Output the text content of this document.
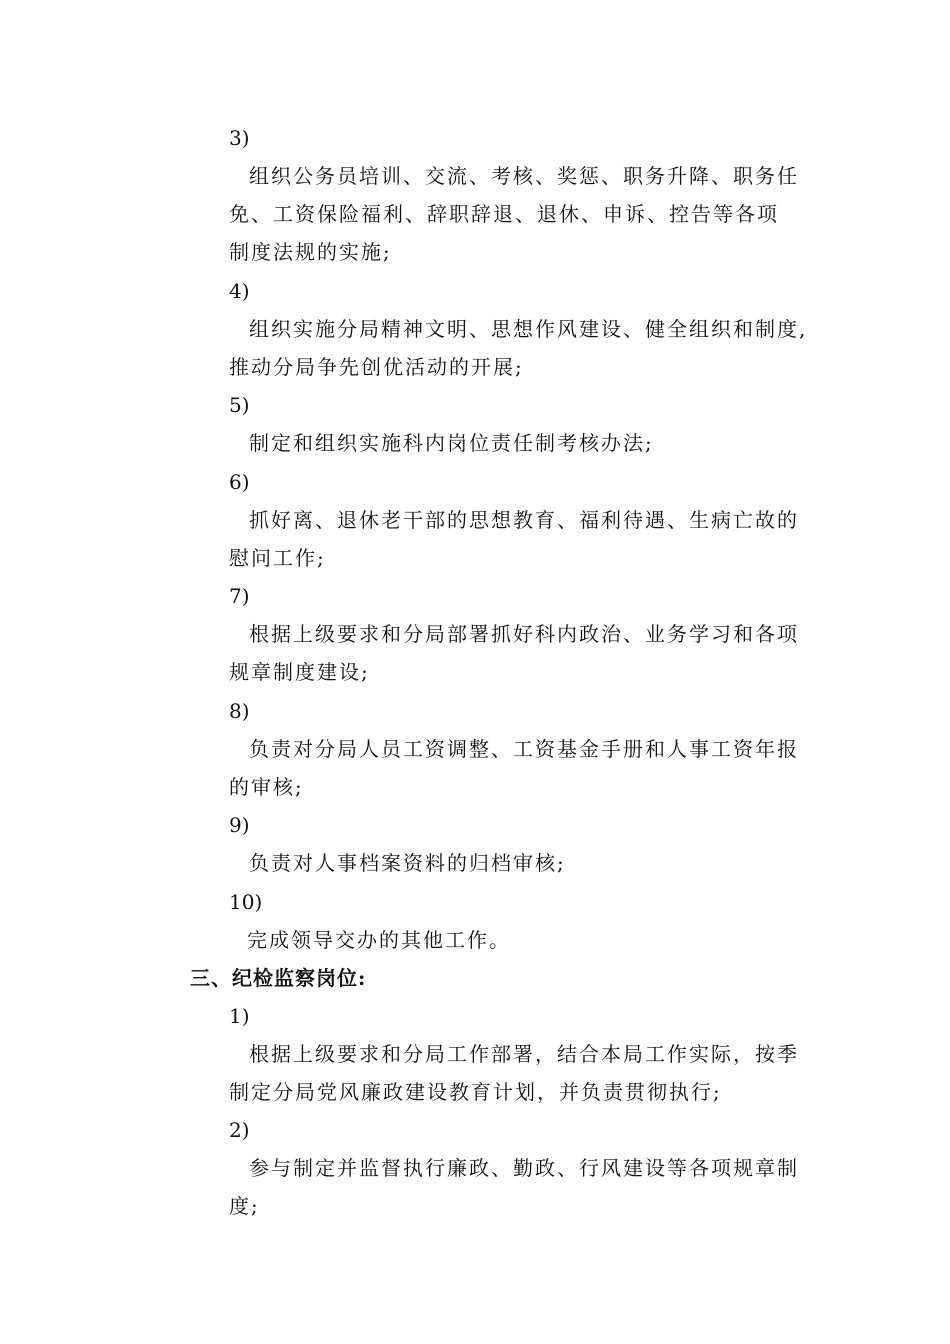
3)
组织公务员培训、交流、考核、奖惩、职务升降、职务任
免、工资保险福利、辞职辞退、退休、申诉、控告等各项
制度法规的实施;
4)
组织实施分局精神文明、思想作风建设、健全组织和制度,
推动分局争先创优活动的开展;
5)
制定和组织实施科内岗位责任制考核办法;
6)
抓好离、退休老干部的思想教育、福利待遇、生病亡故的
慰问工作;
7)
根据上级要求和分局部署抓好科内政治、业务学习和各项
规章制度建设;
8)
负责对分局人员工资调整、工资基金手册和人事工资年报
的审核;
9)
负责对人事档案资料的归档审核;
10)
完成领导交办的其他工作。
三、纪检监察岗位:
1)
根据上级要求和分局工作部署，结合本局工作实际，按季
制定分局党风廉政建设教育计划，并负责贯彻执行;
2)
参与制定并监督执行廉政、勤政、行风建设等各项规章制
度;
